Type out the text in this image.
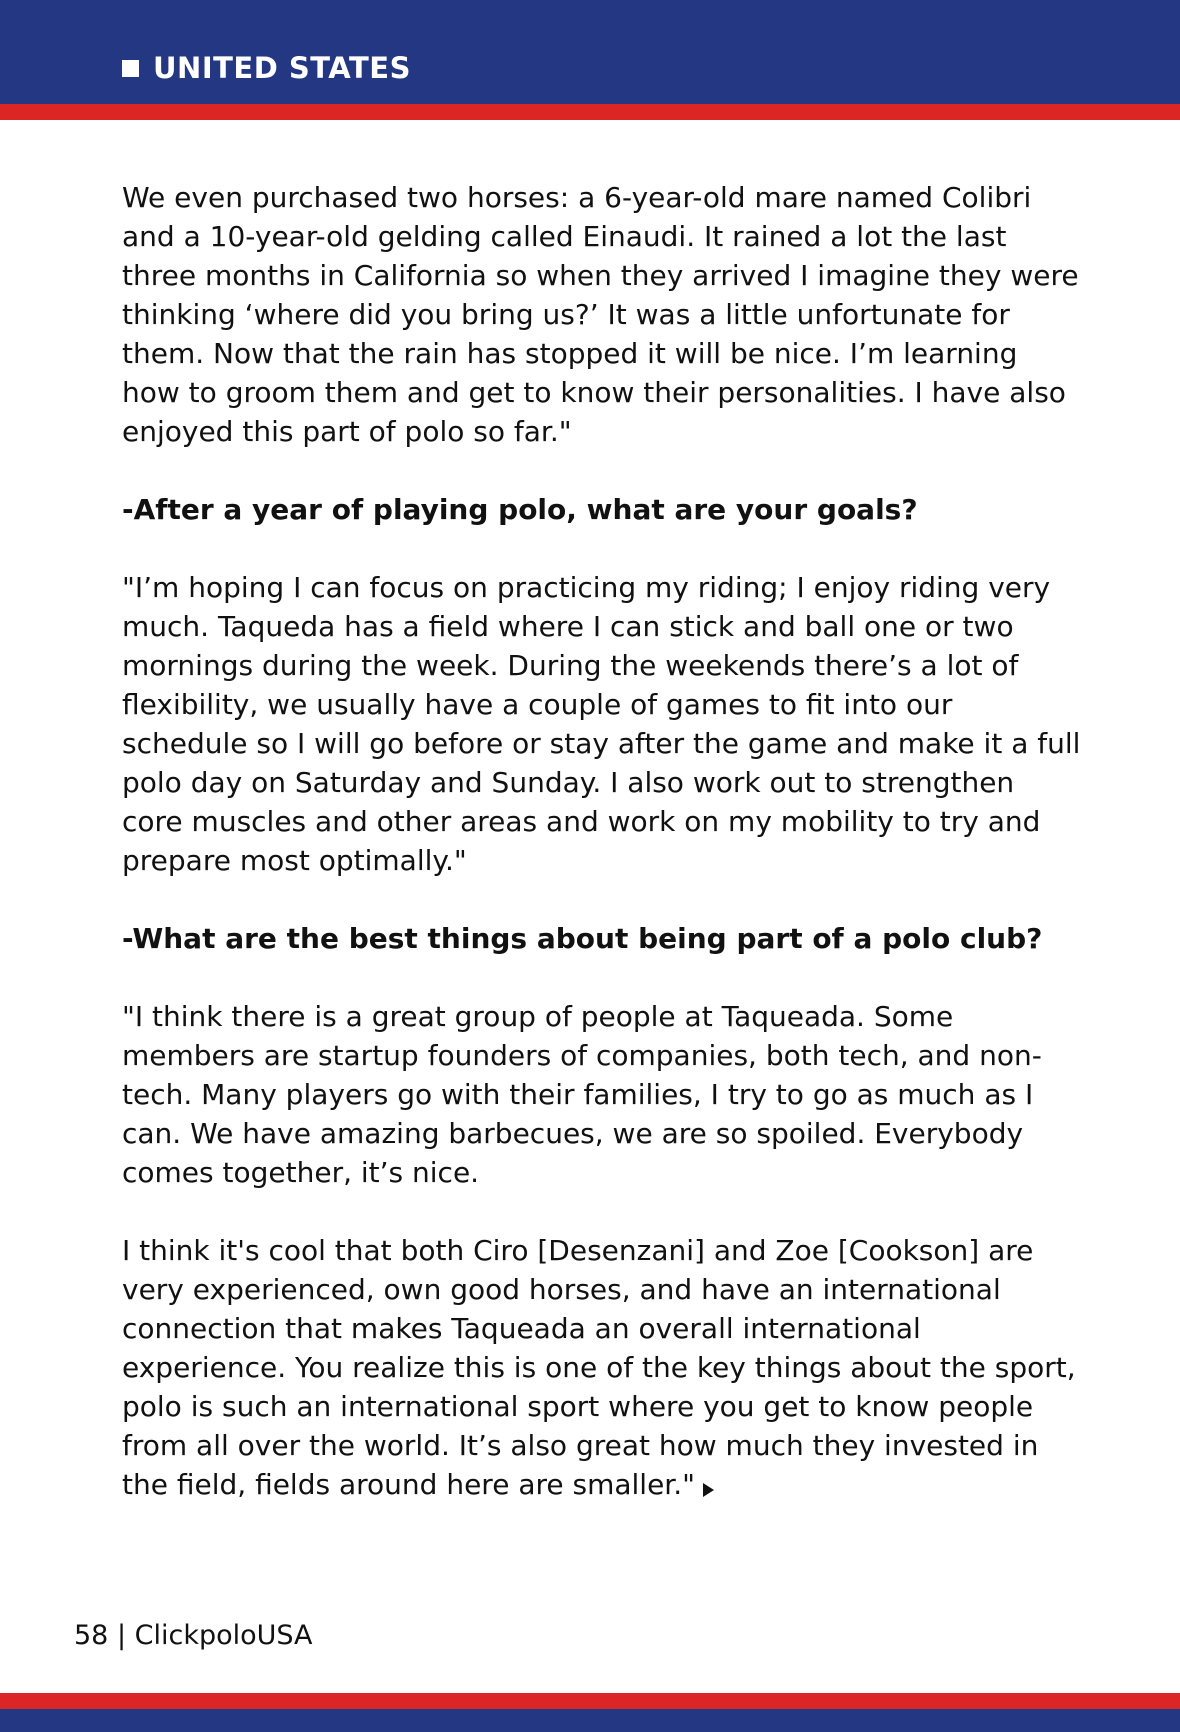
UNITED STATES

We even purchased two horses: a 6-year-old mare named Colibri and a 10-year-old gelding called Einaudi. It rained a lot the last three months in California so when they arrived I imagine they were thinking ‘where did you bring us?’ It was a little unfortunate for them. Now that the rain has stopped it will be nice. I’m learning how to groom them and get to know their personalities. I have also enjoyed this part of polo so far."

-After a year of playing polo, what are your goals?

"I’m hoping I can focus on practicing my riding; I enjoy riding very much. Taqueda has a field where I can stick and ball one or two mornings during the week. During the weekends there’s a lot of flexibility, we usually have a couple of games to fit into our schedule so I will go before or stay after the game and make it a full polo day on Saturday and Sunday. I also work out to strengthen core muscles and other areas and work on my mobility to try and prepare most optimally."

-What are the best things about being part of a polo club?

"I think there is a great group of people at Taqueada. Some members are startup founders of companies, both tech, and non-tech. Many players go with their families, I try to go as much as I can. We have amazing barbecues, we are so spoiled. Everybody comes together, it’s nice.

I think it's cool that both Ciro [Desenzani] and Zoe [Cookson] are very experienced, own good horses, and have an international connection that makes Taqueada an overall international experience. You realize this is one of the key things about the sport, polo is such an international sport where you get to know people from all over the world. It’s also great how much they invested in the field, fields around here are smaller."

58 | ClickpoloUSA
